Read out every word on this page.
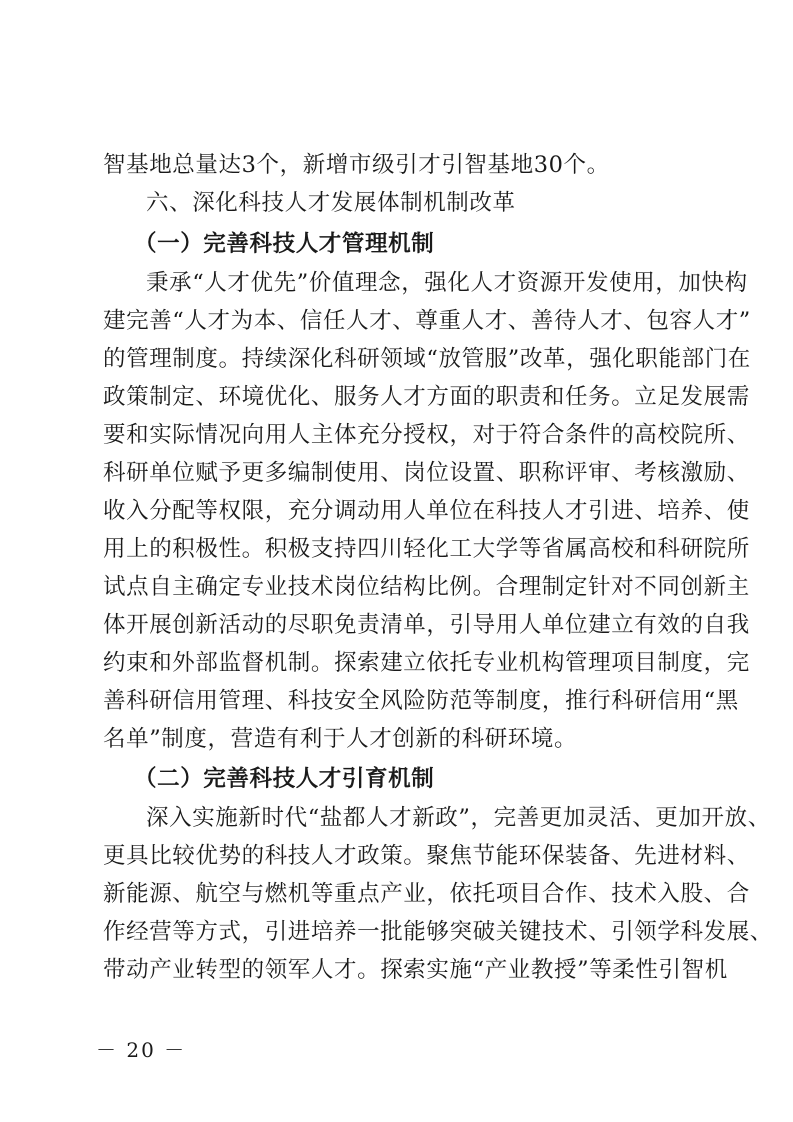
智基地总量达3个，新增市级引才引智基地30个。
六、深化科技人才发展体制机制改革
（一）完善科技人才管理机制
秉承“人才优先”价值理念，强化人才资源开发使用，加快构
建完善“人才为本、信任人才、尊重人才、善待人才、包容人才”
的管理制度。持续深化科研领域“放管服”改革，强化职能部门在
政策制定、环境优化、服务人才方面的职责和任务。立足发展需
要和实际情况向用人主体充分授权，对于符合条件的高校院所、
科研单位赋予更多编制使用、岗位设置、职称评审、考核激励、
收入分配等权限，充分调动用人单位在科技人才引进、培养、使
用上的积极性。积极支持四川轻化工大学等省属高校和科研院所
试点自主确定专业技术岗位结构比例。合理制定针对不同创新主
体开展创新活动的尽职免责清单，引导用人单位建立有效的自我
约束和外部监督机制。探索建立依托专业机构管理项目制度，完
善科研信用管理、科技安全风险防范等制度，推行科研信用“黑
名单”制度，营造有利于人才创新的科研环境。
（二）完善科技人才引育机制
深入实施新时代“盐都人才新政”，完善更加灵活、更加开放、
更具比较优势的科技人才政策。聚焦节能环保装备、先进材料、
新能源、航空与燃机等重点产业，依托项目合作、技术入股、合
作经营等方式，引进培养一批能够突破关键技术、引领学科发展、
带动产业转型的领军人才。探索实施“产业教授”等柔性引智机
－ 20 －
